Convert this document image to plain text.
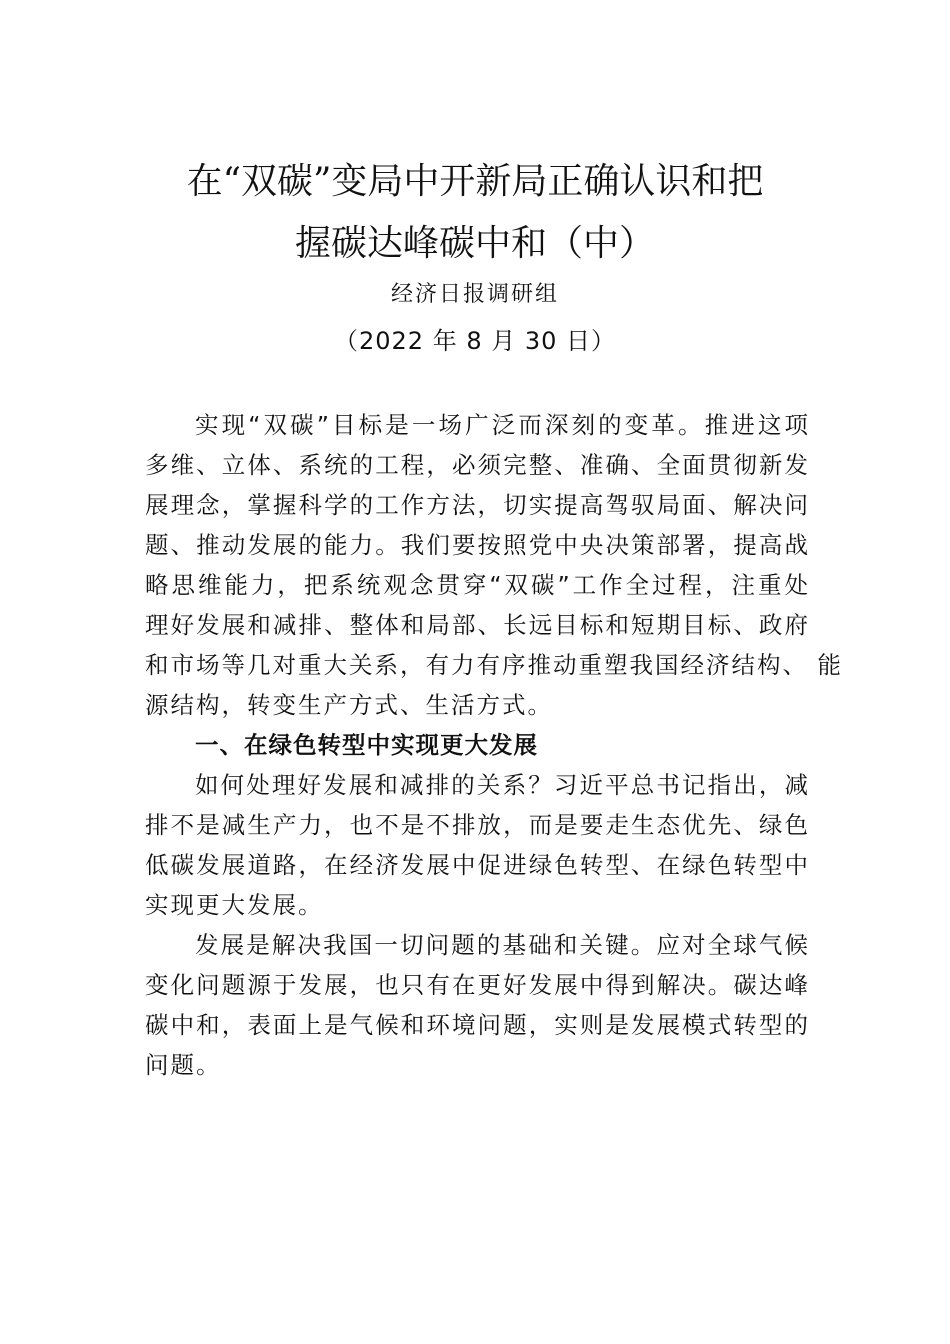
在“双碳”变局中开新局正确认识和把
握碳达峰碳中和（中）
经济日报调研组
（2022 年 8 月 30 日）
实现“双碳”目标是一场广泛而深刻的变革。推进这项
多维、立体、系统的工程，必须完整、准确、全面贯彻新发
展理念，掌握科学的工作方法，切实提高驾驭局面、解决问
题、推动发展的能力。我们要按照党中央决策部署，提高战
略思维能力，把系统观念贯穿“双碳”工作全过程，注重处
理好发展和减排、整体和局部、长远目标和短期目标、政府
和市场等几对重大关系，有力有序推动重塑我国经济结构、 能
源结构，转变生产方式、生活方式。
一、在绿色转型中实现更大发展
如何处理好发展和减排的关系？习近平总书记指出，减
排不是减生产力，也不是不排放，而是要走生态优先、绿色
低碳发展道路，在经济发展中促进绿色转型、在绿色转型中
实现更大发展。
发展是解决我国一切问题的基础和关键。应对全球气候
变化问题源于发展，也只有在更好发展中得到解决。碳达峰
碳中和，表面上是气候和环境问题，实则是发展模式转型的
问题。
